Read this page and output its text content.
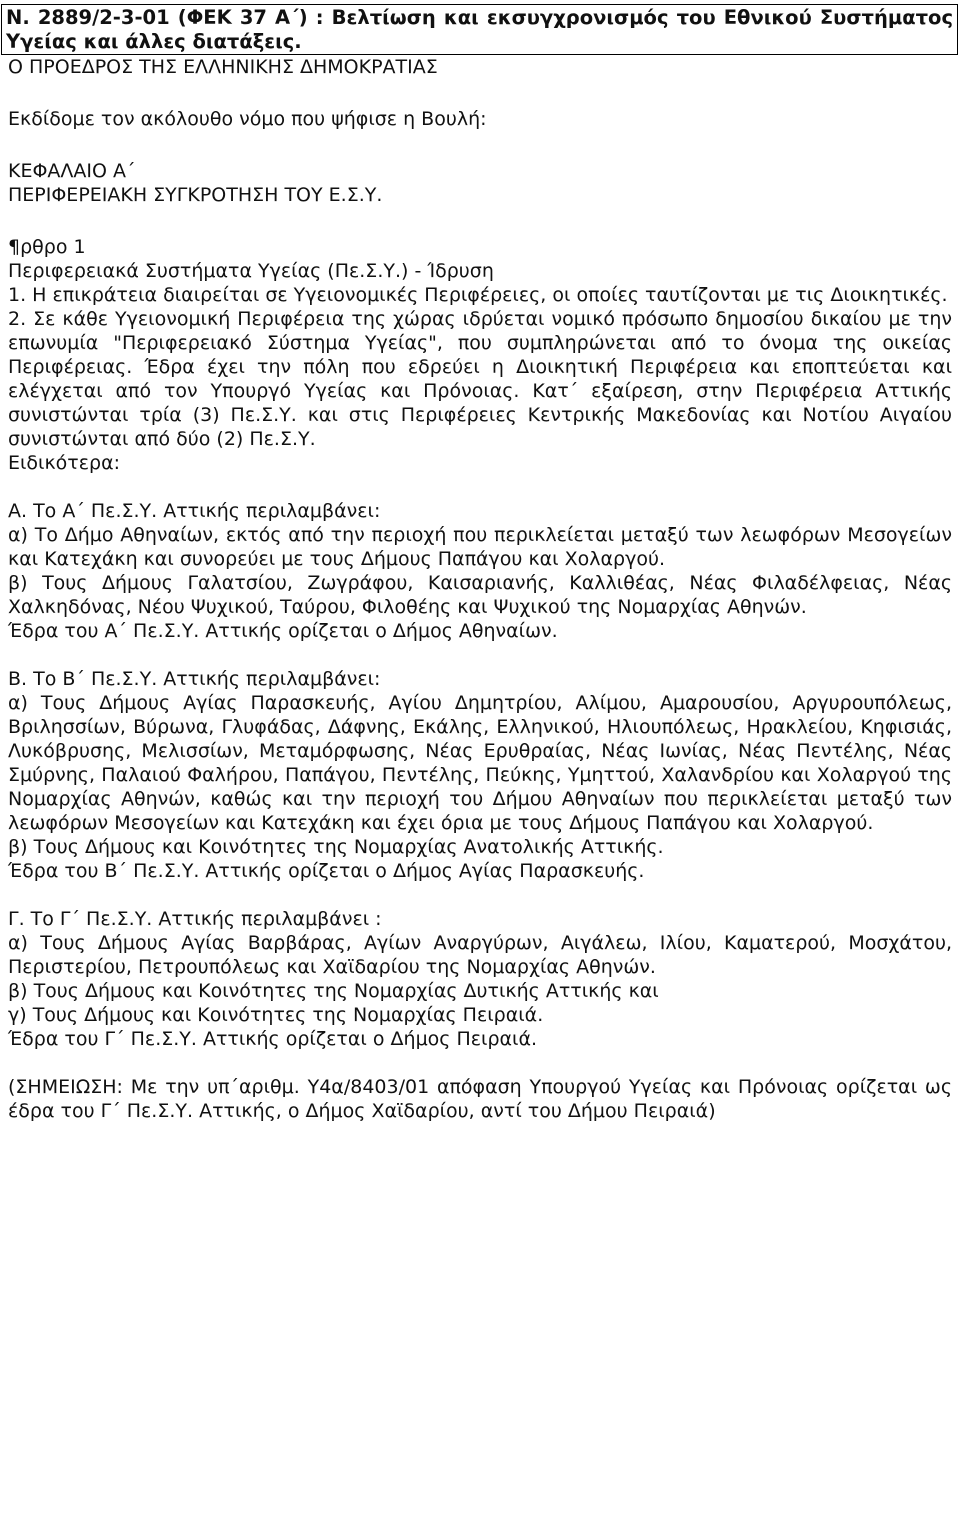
N. 2889/2-3-01 (ΦΕΚ 37 Α΄) : Βελτίωση και εκσυγχρονισμός του Εθνικού Συστήματος Υγείας και άλλες διατάξεις.
Ο ΠΡΟΕΔΡΟΣ ΤΗΣ ΕΛΛΗΝΙΚΗΣ ΔΗΜΟΚΡΑΤΙΑΣ
Εκδίδομε τον ακόλουθο νόμο που ψήφισε η Βουλή:
ΚΕΦΑΛΑΙΟ Α΄
ΠΕΡΙΦΕΡΕΙΑΚΗ ΣΥΓΚΡΟΤΗΣΗ ΤΟΥ Ε.Σ.Υ.
¶ρθρο 1
Περιφερειακά Συστήματα Υγείας (Πε.Σ.Υ.) - Ίδρυση
1. Η επικράτεια διαιρείται σε Υγειονομικές Περιφέρειες, οι οποίες ταυτίζονται με τις Διοικητικές.
2. Σε κάθε Υγειονομική Περιφέρεια της χώρας ιδρύεται νομικό πρόσωπο δημοσίου δικαίου με την επωνυμία "Περιφερειακό Σύστημα Υγείας", που συμπληρώνεται από το όνομα της οικείας Περιφέρειας. Έδρα έχει την πόλη που εδρεύει η Διοικητική Περιφέρεια και εποπτεύεται και ελέγχεται από τον Υπουργό Υγείας και Πρόνοιας. Κατ΄ εξαίρεση, στην Περιφέρεια Αττικής συνιστώνται τρία (3) Πε.Σ.Υ. και στις Περιφέρειες Κεντρικής Μακεδονίας και Νοτίου Αιγαίου συνιστώνται από δύο (2) Πε.Σ.Υ.
Ειδικότερα:
Α. Το Α΄ Πε.Σ.Υ. Αττικής περιλαμβάνει:
α) Το Δήμο Αθηναίων, εκτός από την περιοχή που περικλείεται μεταξύ των λεωφόρων Μεσογείων και Κατεχάκη και συνορεύει με τους Δήμους Παπάγου και Χολαργού.
β) Τους Δήμους Γαλατσίου, Ζωγράφου, Καισαριανής, Καλλιθέας, Νέας Φιλαδέλφειας, Νέας Χαλκηδόνας, Νέου Ψυχικού, Ταύρου, Φιλοθέης και Ψυχικού της Νομαρχίας Αθηνών.
Έδρα του Α΄ Πε.Σ.Υ. Αττικής ορίζεται ο Δήμος Αθηναίων.
Β. Το Β΄ Πε.Σ.Υ. Αττικής περιλαμβάνει:
α) Τους Δήμους Αγίας Παρασκευής, Αγίου Δημητρίου, Αλίμου, Αμαρουσίου, Αργυρουπόλεως, Βριλησσίων, Βύρωνα, Γλυφάδας, Δάφνης, Εκάλης, Ελληνικού, Ηλιουπόλεως, Ηρακλείου, Κηφισιάς, Λυκόβρυσης, Μελισσίων, Μεταμόρφωσης, Νέας Ερυθραίας, Νέας Ιωνίας, Νέας Πεντέλης, Νέας Σμύρνης, Παλαιού Φαλήρου, Παπάγου, Πεντέλης, Πεύκης, Υμηττού, Χαλανδρίου και Χολαργού της Νομαρχίας Αθηνών, καθώς και την περιοχή του Δήμου Αθηναίων που περικλείεται μεταξύ των λεωφόρων Μεσογείων και Κατεχάκη και έχει όρια με τους Δήμους Παπάγου και Χολαργού.
β) Τους Δήμους και Κοινότητες της Νομαρχίας Ανατολικής Αττικής.
Έδρα του Β΄ Πε.Σ.Υ. Αττικής ορίζεται ο Δήμος Αγίας Παρασκευής.
Γ. Το Γ΄ Πε.Σ.Υ. Αττικής περιλαμβάνει :
α) Τους Δήμους Αγίας Βαρβάρας, Αγίων Αναργύρων, Αιγάλεω, Ιλίου, Καματερού, Μοσχάτου, Περιστερίου, Πετρουπόλεως και Χαϊδαρίου της Νομαρχίας Αθηνών.
β) Τους Δήμους και Κοινότητες της Νομαρχίας Δυτικής Αττικής και
γ) Τους Δήμους και Κοινότητες της Νομαρχίας Πειραιά.
Έδρα του Γ΄ Πε.Σ.Υ. Αττικής ορίζεται ο Δήμος Πειραιά.
(ΣΗΜΕΙΩΣΗ: Με την υπ΄αριθμ. Υ4α/8403/01 απόφαση Υπουργού Υγείας και Πρόνοιας ορίζεται ως έδρα του Γ΄ Πε.Σ.Υ. Αττικής, ο Δήμος Χαϊδαρίου, αντί του Δήμου Πειραιά)
